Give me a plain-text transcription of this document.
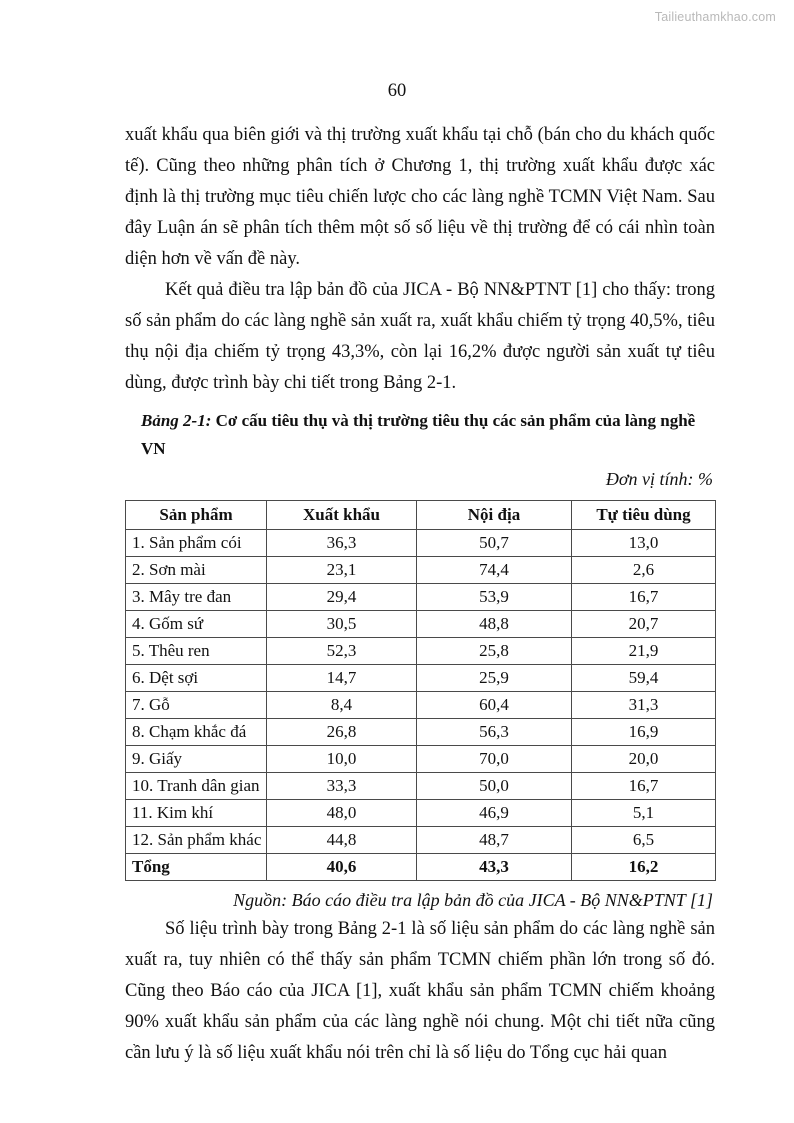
Tailieuthamkhao.com
60

xuất khẩu qua biên giới và thị trường xuất khẩu tại chỗ (bán cho du khách quốc tế). Cũng theo những phân tích ở Chương 1, thị trường xuất khẩu được xác định là thị trường mục tiêu chiến lược cho các làng nghề TCMN Việt Nam. Sau đây Luận án sẽ phân tích thêm một số số liệu về thị trường để có cái nhìn toàn diện hơn về vấn đề này.

Kết quả điều tra lập bản đồ của JICA - Bộ NN&PTNT [1] cho thấy: trong số sản phẩm do các làng nghề sản xuất ra, xuất khẩu chiếm tỷ trọng 40,5%, tiêu thụ nội địa chiếm tỷ trọng 43,3%, còn lại 16,2% được người sản xuất tự tiêu dùng, được trình bày chi tiết trong Bảng 2-1.

Bảng 2-1: Cơ cấu tiêu thụ và thị trường tiêu thụ các sản phẩm của làng nghề VN

Đơn vị tính: %

Sản phẩm	Xuất khẩu	Nội địa	Tự tiêu dùng
1. Sản phẩm cói	36,3	50,7	13,0
2. Sơn mài	23,1	74,4	2,6
3. Mây tre đan	29,4	53,9	16,7
4. Gốm sứ	30,5	48,8	20,7
5. Thêu ren	52,3	25,8	21,9
6. Dệt sợi	14,7	25,9	59,4
7. Gỗ	8,4	60,4	31,3
8. Chạm khắc đá	26,8	56,3	16,9
9. Giấy	10,0	70,0	20,0
10. Tranh dân gian	33,3	50,0	16,7
11. Kim khí	48,0	46,9	5,1
12. Sản phẩm khác	44,8	48,7	6,5
Tổng	40,6	43,3	16,2

Nguồn: Báo cáo điều tra lập bản đồ của JICA - Bộ NN&PTNT [1]

Số liệu trình bày trong Bảng 2-1 là số liệu sản phẩm do các làng nghề sản xuất ra, tuy nhiên có thể thấy sản phẩm TCMN chiếm phần lớn trong số đó. Cũng theo Báo cáo của JICA [1], xuất khẩu sản phẩm TCMN chiếm khoảng 90% xuất khẩu sản phẩm của các làng nghề nói chung. Một chi tiết nữa cũng cần lưu ý là số liệu xuất khẩu nói trên chỉ là số liệu do Tổng cục hải quan
